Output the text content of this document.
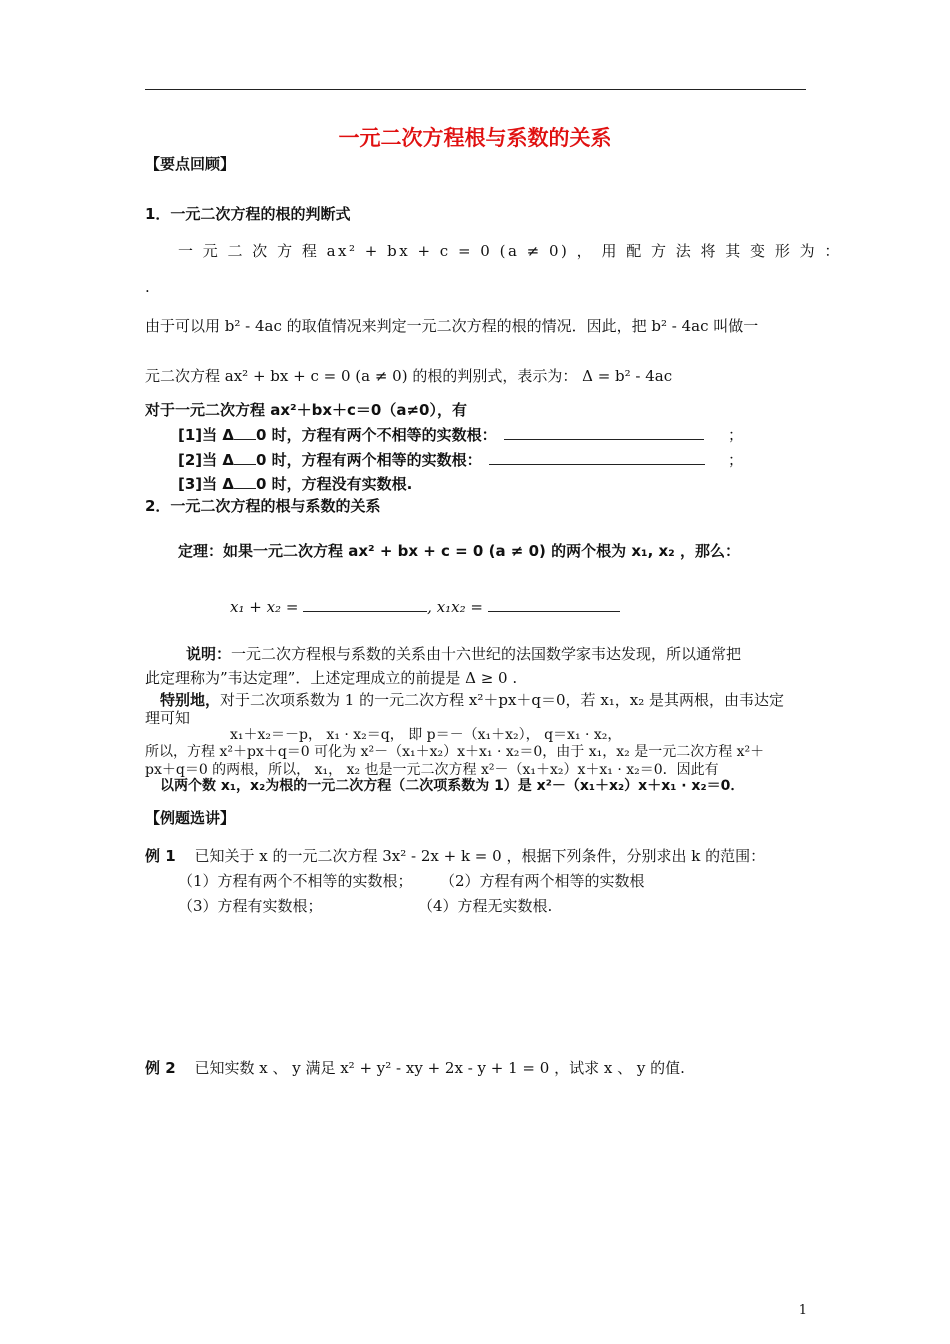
一元二次方程根与系数的关系
【要点回顾】
1．一元二次方程的根的判断式
一 元 二 次 方 程 ax² + bx + c = 0 (a ≠ 0) ， 用 配 方 法 将 其 变 形 为 ：
.
由于可以用 b² - 4ac 的取值情况来判定一元二次方程的根的情况．因此，把 b² - 4ac 叫做一
元二次方程 ax² + bx + c = 0 (a ≠ 0) 的根的判别式，表示为： Δ = b² - 4ac
对于一元二次方程 ax²＋bx＋c＝0（a≠0），有
[1]当 Δ 0 时，方程有两个不相等的实数根：	；
[2]当 Δ 0 时，方程有两个相等的实数根：	；
[3]当 Δ 0 时，方程没有实数根.
2．一元二次方程的根与系数的关系
定理：如果一元二次方程 ax² + bx + c = 0 (a ≠ 0) 的两个根为 x₁, x₂ ，那么：
x₁ + x₂ =	, x₁x₂ =
说明：一元二次方程根与系数的关系由十六世纪的法国数学家韦达发现，所以通常把
此定理称为”韦达定理”．上述定理成立的前提是 Δ ≥ 0 .
特别地，对于二次项系数为 1 的一元二次方程 x²＋px＋q＝0，若 x₁，x₂ 是其两根，由韦达定
理可知
x₁＋x₂＝－p， x₁ · x₂＝q， 即 p＝－（x₁＋x₂）， q＝x₁ · x₂，
所以，方程 x²＋px＋q＝0 可化为 x²－（x₁＋x₂）x＋x₁ · x₂＝0，由于 x₁，x₂ 是一元二次方程 x²＋
px＋q＝0 的两根，所以， x₁， x₂ 也是一元二次方程 x²－（x₁＋x₂）x＋x₁ · x₂＝0．因此有
以两个数 x₁，x₂为根的一元二次方程（二次项系数为 1）是 x²－（x₁＋x₂）x＋x₁ · x₂＝0．
【例题选讲】
例 1 已知关于 x 的一元二次方程 3x² - 2x + k = 0 ，根据下列条件，分别求出 k 的范围：
（1）方程有两个不相等的实数根； （2）方程有两个相等的实数根
（3）方程有实数根；	（4）方程无实数根.
例 2 已知实数 x 、 y 满足 x² + y² - xy + 2x - y + 1 = 0 ，试求 x 、 y 的值.
1
